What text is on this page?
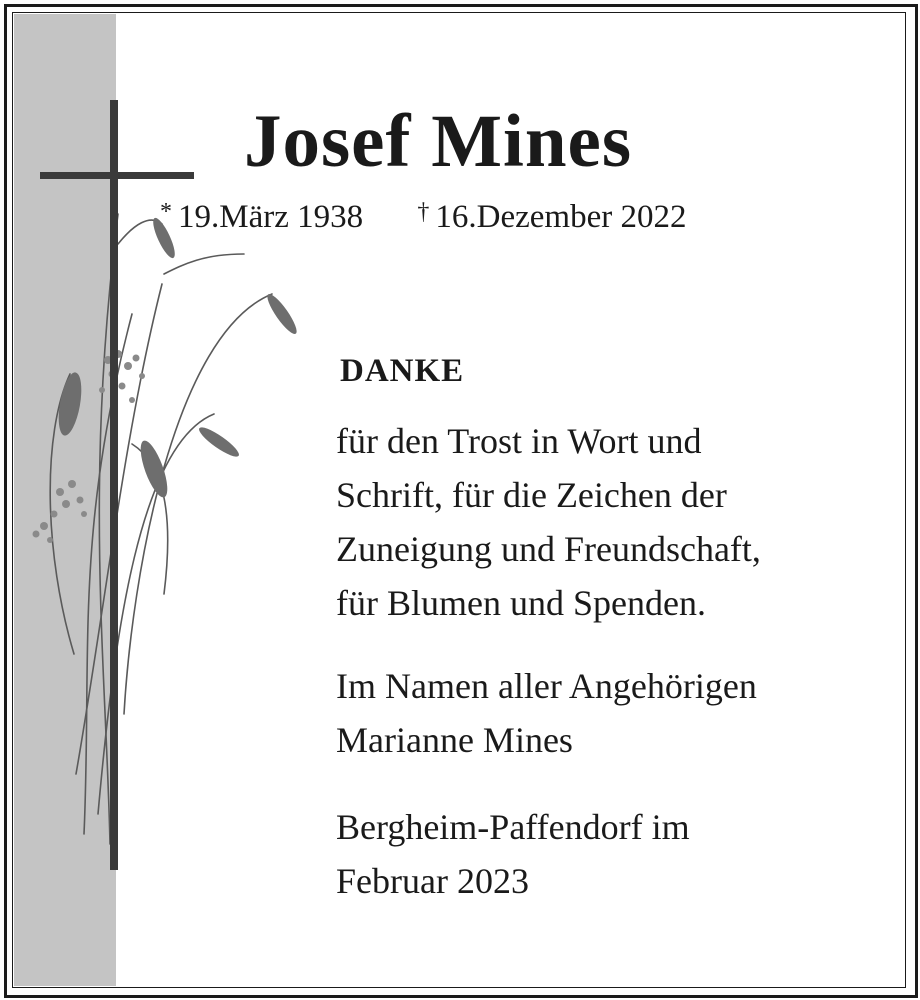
Josef Mines
* 19.März 1938 † 16.Dezember 2022
DANKE

für den Trost in Wort und
Schrift, für die Zeichen der
Zuneigung und Freundschaft,
für Blumen und Spenden.

Im Namen aller Angehörigen
Marianne Mines

Bergheim-Paffendorf im
Februar 2023
